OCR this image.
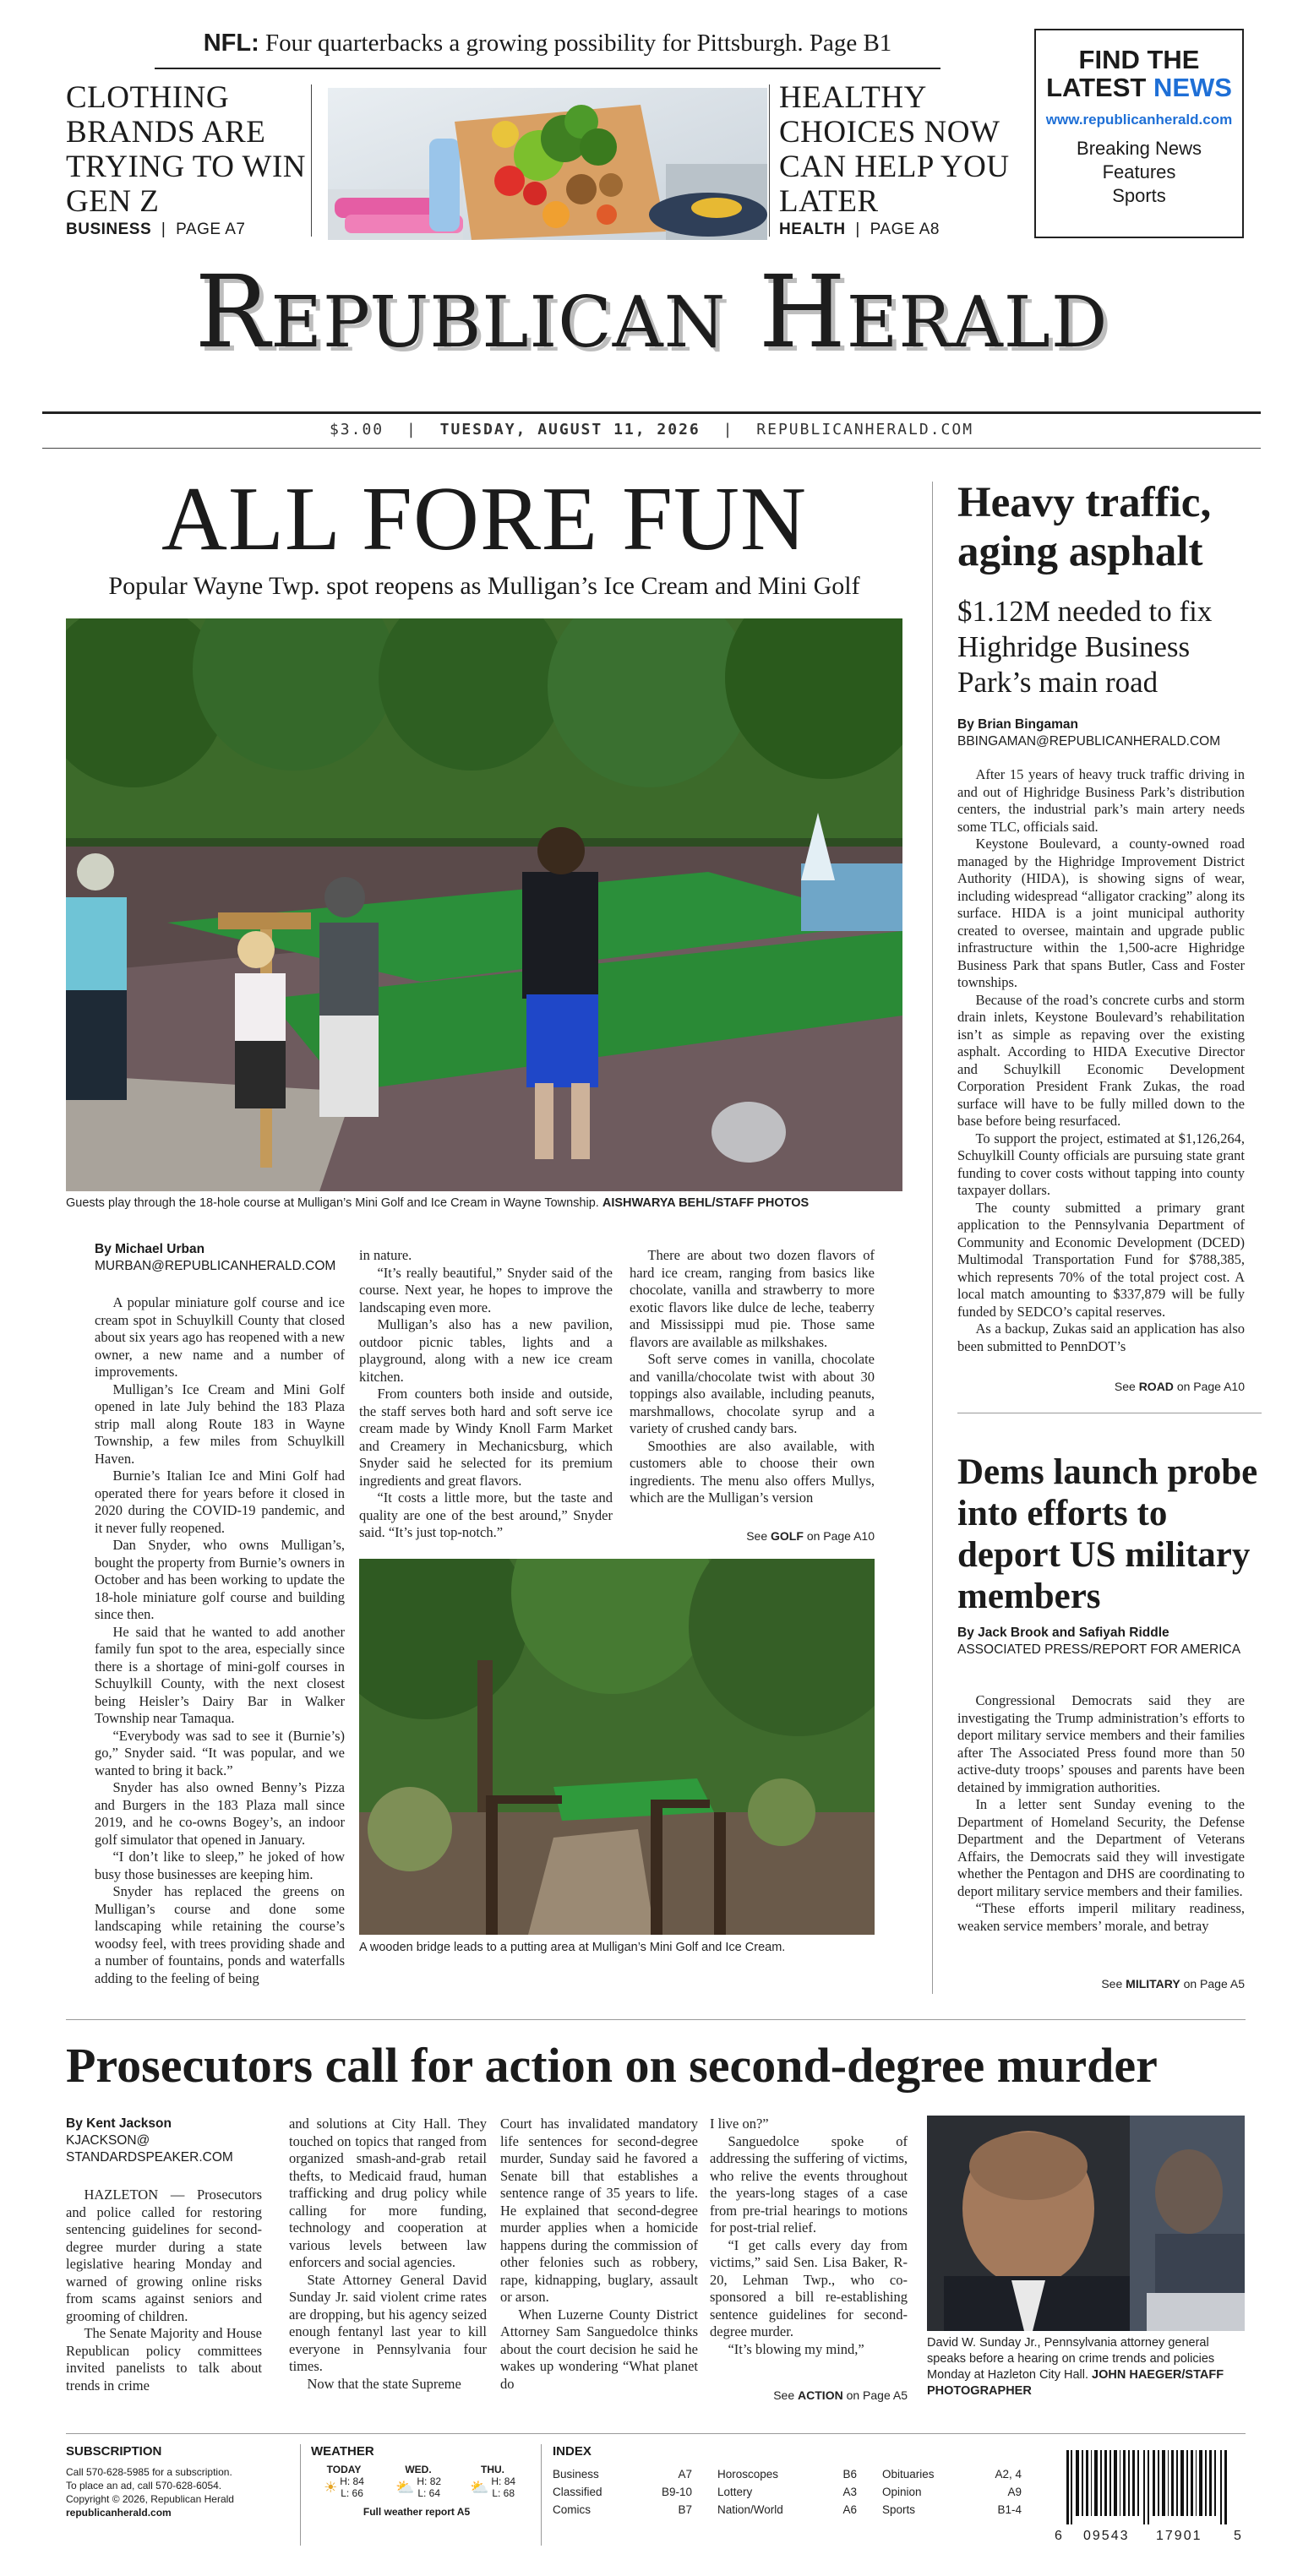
NFL: Four quarterbacks a growing possibility for Pittsburgh. Page B1
CLOTHING BRANDS ARE TRYING TO WIN GEN Z
BUSINESS | PAGE A7
HEALTHY CHOICES NOW CAN HELP YOU LATER
HEALTH | PAGE A8
FIND THE
LATEST NEWS
www.republicanherald.com
Breaking News
Features
Sports
Republican Herald
$3.00 | TUESDAY, AUGUST 11, 2026 | REPUBLICANHERALD.COM
ALL FORE FUN
Popular Wayne Twp. spot reopens as Mulligan’s Ice Cream and Mini Golf
Guests play through the 18-hole course at Mulligan’s Mini Golf and Ice Cream in Wayne Township. AISHWARYA BEHL/STAFF PHOTOS
By Michael Urban
MURBAN@REPUBLICANHERALD.COM

A popular miniature golf course and ice cream spot in Schuylkill County that closed about six years ago has reopened with a new owner, a new name and a number of improvements.

Mulligan’s Ice Cream and Mini Golf opened in late July behind the 183 Plaza strip mall along Route 183 in Wayne Township, a few miles from Schuylkill Haven.

Burnie’s Italian Ice and Mini Golf had operated there for years before it closed in 2020 during the COVID-19 pandemic, and it never fully reopened.

Dan Snyder, who owns Mulligan’s, bought the property from Burnie’s owners in October and has been working to update the 18-hole miniature golf course and building since then.

He said that he wanted to add another family fun spot to the area, especially since there is a shortage of mini-golf courses in Schuylkill County, with the next closest being Heisler’s Dairy Bar in Walker Township near Tamaqua.

“Everybody was sad to see it (Burnie’s) go,” Snyder said. “It was popular, and we wanted to bring it back.”

Snyder has also owned Benny’s Pizza and Burgers in the 183 Plaza mall since 2019, and he co-owns Bogey’s, an indoor golf simulator that opened in January.

“I don’t like to sleep,” he joked of how busy those businesses are keeping him.

Snyder has replaced the greens on Mulligan’s course and done some landscaping while retaining the course’s woodsy feel, with trees providing shade and a number of fountains, ponds and waterfalls adding to the feeling of being

in nature.

“It’s really beautiful,” Snyder said of the course. Next year, he hopes to improve the landscaping even more.

Mulligan’s also has a new pavilion, outdoor picnic tables, lights and a playground, along with a new ice cream kitchen.

From counters both inside and outside, the staff serves both hard and soft serve ice cream made by Windy Knoll Farm Market and Creamery in Mechanicsburg, which Snyder said he selected for its premium ingredients and great flavors.

“It costs a little more, but the taste and quality are one of the best around,” Snyder said. “It’s just top-notch.”

There are about two dozen flavors of hard ice cream, ranging from basics like chocolate, vanilla and strawberry to more exotic flavors like dulce de leche, teaberry and Mississippi mud pie. Those same flavors are available as milkshakes.

Soft serve comes in vanilla, chocolate and vanilla/chocolate twist with about 30 toppings also available, including peanuts, marshmallows, chocolate syrup and a variety of crushed candy bars.

Smoothies are also available, with customers able to choose their own ingredients. The menu also offers Mullys, which are the Mulligan’s version

See GOLF on Page A10
A wooden bridge leads to a putting area at Mulligan’s Mini Golf and Ice Cream.
Heavy traffic, aging asphalt
$1.12M needed to fix Highridge Business Park’s main road
By Brian Bingaman
BBINGAMAN@REPUBLICANHERALD.COM

After 15 years of heavy truck traffic driving in and out of Highridge Business Park’s distribution centers, the industrial park’s main artery needs some TLC, officials said.

Keystone Boulevard, a county-owned road managed by the Highridge Improvement District Authority (HIDA), is showing signs of wear, including widespread “alligator cracking” along its surface. HIDA is a joint municipal authority created to oversee, maintain and upgrade public infrastructure within the 1,500-acre Highridge Business Park that spans Butler, Cass and Foster townships.

Because of the road’s concrete curbs and storm drain inlets, Keystone Boulevard’s rehabilitation isn’t as simple as repaving over the existing asphalt. According to HIDA Executive Director and Schuylkill Economic Development Corporation President Frank Zukas, the road surface will have to be fully milled down to the base before being resurfaced.

To support the project, estimated at $1,126,264, Schuylkill County officials are pursuing state grant funding to cover costs without tapping into county taxpayer dollars.

The county submitted a primary grant application to the Pennsylvania Department of Community and Economic Development (DCED) Multimodal Transportation Fund for $788,385, which represents 70% of the total project cost. A local match amounting to $337,879 will be fully funded by SEDCO’s capital reserves.

As a backup, Zukas said an application has also been submitted to PennDOT’s

See ROAD on Page A10
Dems launch probe into efforts to deport US military members
By Jack Brook and Safiyah Riddle
ASSOCIATED PRESS/REPORT FOR AMERICA

Congressional Democrats said they are investigating the Trump administration’s efforts to deport military service members and their families after The Associated Press found more than 50 active-duty troops’ spouses and parents have been detained by immigration authorities.

In a letter sent Sunday evening to the Department of Homeland Security, the Defense Department and the Department of Veterans Affairs, the Democrats said they will investigate whether the Pentagon and DHS are coordinating to deport military service members and their families.

“These efforts imperil military readiness, weaken service members’ morale, and betray

See MILITARY on Page A5
Prosecutors call for action on second-degree murder
By Kent Jackson
KJACKSON@
STANDARDSPEAKER.COM

HAZLETON — Prosecutors and police called for restoring sentencing guidelines for second-degree murder during a state legislative hearing Monday and warned of growing online risks from scams against seniors and grooming of children.

The Senate Majority and House Republican policy committees invited panelists to talk about trends in crime

and solutions at City Hall. They touched on topics that ranged from organized smash-and-grab retail thefts, to Medicaid fraud, human trafficking and drug policy while calling for more funding, technology and cooperation at various levels between law enforcers and social agencies.

State Attorney General David Sunday Jr. said violent crime rates are dropping, but his agency seized enough fentanyl last year to kill everyone in Pennsylvania four times.

Now that the state Supreme

Court has invalidated mandatory life sentences for second-degree murder, Sunday said he favored a Senate bill that establishes a sentence range of 35 years to life. He explained that second-degree murder applies when a homicide happens during the commission of other felonies such as robbery, rape, kidnapping, buglary, assault or arson.

When Luzerne County District Attorney Sam Sanguedolce thinks about the court decision he said he wakes up wondering “What planet do

I live on?”

Sanguedolce spoke of addressing the suffering of victims, who relive the events throughout the years-long stages of a case from pre-trial hearings to motions for post-trial relief.

“I get calls every day from victims,” said Sen. Lisa Baker, R-20, Lehman Twp., who co-sponsored a bill re-establishing sentence guidelines for second-degree murder.

“It’s blowing my mind,”

See ACTION on Page A5
David W. Sunday Jr., Pennsylvania attorney general speaks before a hearing on crime trends and policies Monday at Hazleton City Hall. JOHN HAEGER/STAFF PHOTOGRAPHER
SUBSCRIPTION
Call 570-628-5985 for a subscription.
To place an ad, call 570-628-6054.
Copyright © 2026, Republican Herald
republicanherald.com
WEATHER
TODAY
☀ H: 84
L: 66
WED.
⛅ H: 82
L: 64
THU.
⛅ H: 84
L: 68
Full weather report A5
INDEX
Business	A7
Classified	B9-10
Comics	B7
Horoscopes	B6
Lottery	A3
Nation/World	A6
Obituaries	A2, 4
Opinion	A9
Sports	B1-4
6 09543 17901 5
